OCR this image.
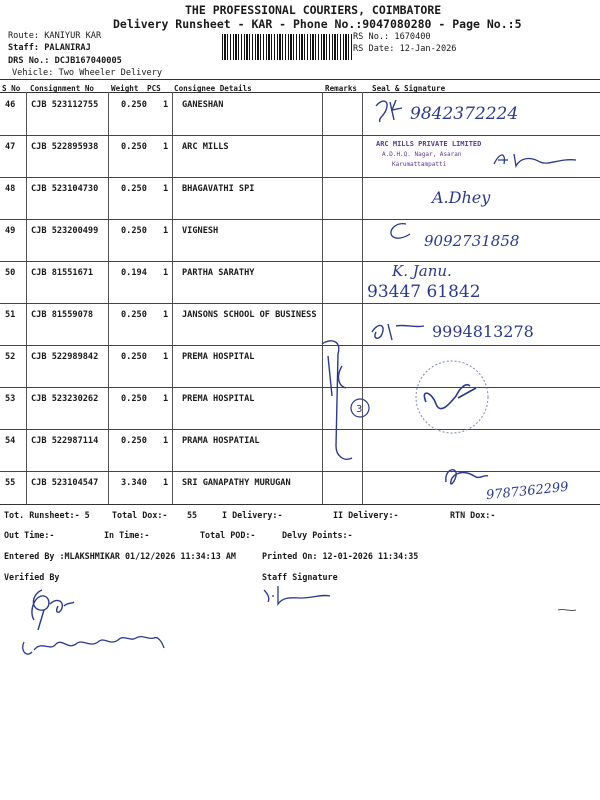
THE PROFESSIONAL COURIERS, COIMBATORE
Delivery Runsheet - KAR - Phone No.:9047080280 - Page No.:5
Route: KANIYUR KAR
Staff: PALANIRAJ
DRS No.: DCJB167040005
Vehicle: Two Wheeler Delivery
RS No.: 1670400
RS Date: 12-Jan-2026
S No Consignment No Weight PCS Consignee Details	Remarks Seal & Signature
46 CJB 523112755	0.250 1 GANESHAN
47 CJB 522895938	0.250 1 ARC MILLS
48 CJB 523104730	0.250 1 BHAGAVATHI SPI
49 CJB 523200499	0.250 1 VIGNESH
50 CJB 81551671	0.194 1 PARTHA SARATHY
51 CJB 81559078	0.250 1 JANSONS SCHOOL OF BUSINESS
52 CJB 522989842	0.250 1 PREMA HOSPITAL
53 CJB 523230262	0.250 1 PREMA HOSPITAL
54 CJB 522987114	0.250 1 PRAMA HOSPATIAL
55 CJB 523104547	3.340 1 SRI GANAPATHY MURUGAN
9842372224
ARC MILLS PRIVATE LIMITED
A.D.H.Q. Nagar, Asaran
Karumattampatti
A.Dhey
9092731858
K. Janu.
93447 61842
9994813278
3
9787362299
Tot. Runsheet:- 5	Total Dox:- 55	I Delivery:-	II Delivery:-	RTN Dox:-
Out Time:-	In Time:-	Total POD:-	Delvy Points:-
Entered By :MLAKSHMIKAR 01/12/2026 11:34:13 AM	Printed On: 12-01-2026 11:34:35
Verified By	Staff Signature
